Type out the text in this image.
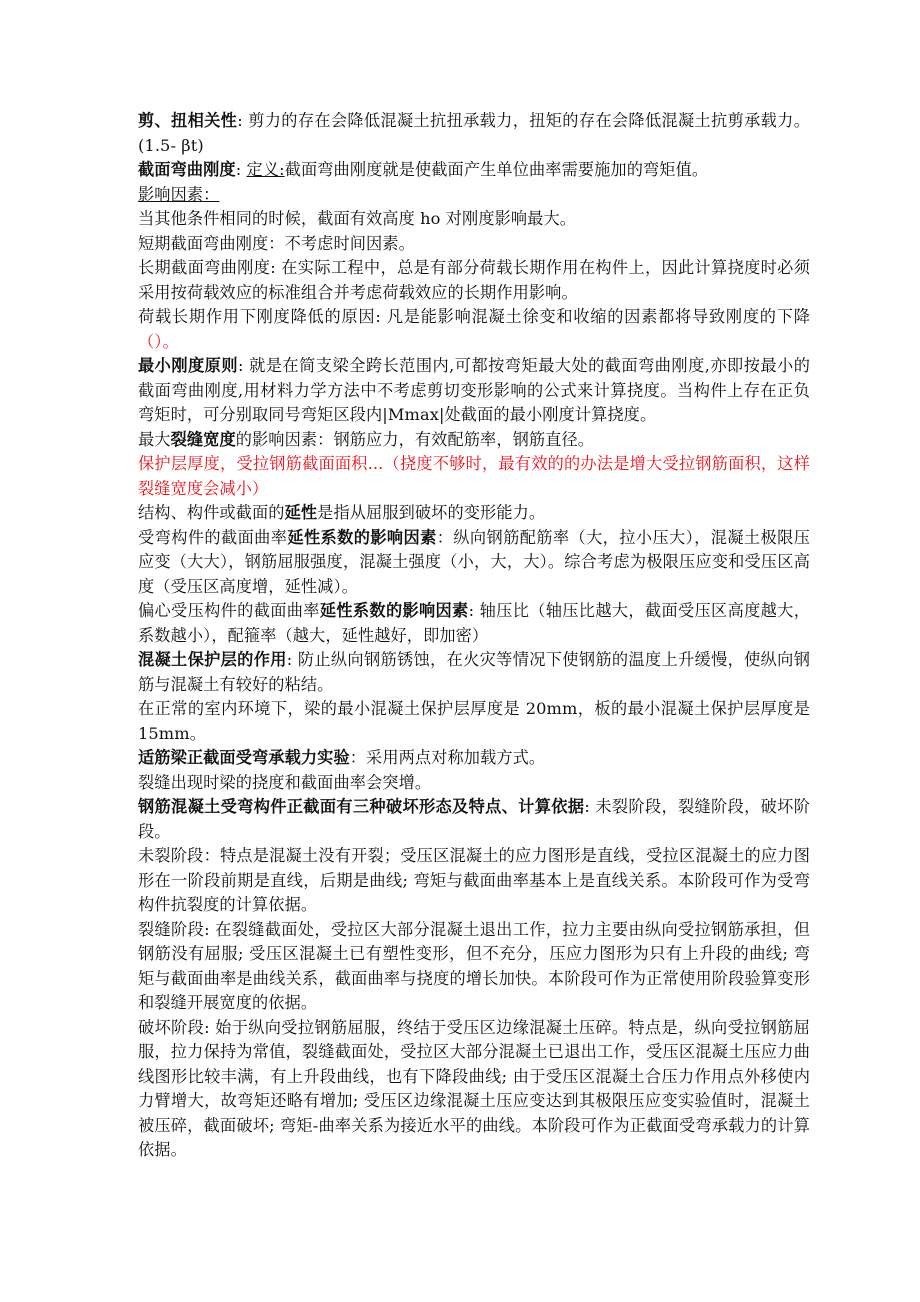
剪、扭相关性: 剪力的存在会降低混凝土抗扭承载力，扭矩的存在会降低混凝土抗剪承载力。(1.5- βt)

截面弯曲刚度: 定义:截面弯曲刚度就是使截面产生单位曲率需要施加的弯矩值。

影响因素：

当其他条件相同的时候，截面有效高度 ho 对刚度影响最大。

短期截面弯曲刚度：不考虑时间因素。

长期截面弯曲刚度: 在实际工程中，总是有部分荷载长期作用在构件上，因此计算挠度时必须采用按荷载效应的标准组合并考虑荷载效应的长期作用影响。

荷载长期作用下刚度降低的原因: 凡是能影响混凝土徐变和收缩的因素都将导致刚度的下降（）。

最小刚度原则: 就是在简支梁全跨长范围内,可都按弯矩最大处的截面弯曲刚度,亦即按最小的截面弯曲刚度,用材料力学方法中不考虑剪切变形影响的公式来计算挠度。当构件上存在正负弯矩时，可分别取同号弯矩区段内|Mmax|处截面的最小刚度计算挠度。

最大裂缝宽度的影响因素：钢筋应力，有效配筋率，钢筋直径。

保护层厚度，受拉钢筋截面面积...（挠度不够时，最有效的的办法是增大受拉钢筋面积，这样裂缝宽度会减小）

结构、构件或截面的延性是指从屈服到破坏的变形能力。

受弯构件的截面曲率延性系数的影响因素：纵向钢筋配筋率（大，拉小压大），混凝土极限压应变（大大），钢筋屈服强度，混凝土强度（小，大，大）。综合考虑为极限压应变和受压区高度（受压区高度增，延性减）。

偏心受压构件的截面曲率延性系数的影响因素: 轴压比（轴压比越大，截面受压区高度越大，系数越小），配箍率（越大，延性越好，即加密）

混凝土保护层的作用: 防止纵向钢筋锈蚀，在火灾等情况下使钢筋的温度上升缓慢，使纵向钢筋与混凝土有较好的粘结。

在正常的室内环境下，梁的最小混凝土保护层厚度是 20mm，板的最小混凝土保护层厚度是 15mm。

适筋梁正截面受弯承载力实验：采用两点对称加载方式。

裂缝出现时梁的挠度和截面曲率会突增。

钢筋混凝土受弯构件正截面有三种破坏形态及特点、计算依据: 未裂阶段，裂缝阶段，破坏阶段。

未裂阶段：特点是混凝土没有开裂；受压区混凝土的应力图形是直线，受拉区混凝土的应力图形在一阶段前期是直线，后期是曲线; 弯矩与截面曲率基本上是直线关系。本阶段可作为受弯构件抗裂度的计算依据。

裂缝阶段: 在裂缝截面处，受拉区大部分混凝土退出工作，拉力主要由纵向受拉钢筋承担，但钢筋没有屈服; 受压区混凝土已有塑性变形，但不充分，压应力图形为只有上升段的曲线; 弯矩与截面曲率是曲线关系，截面曲率与挠度的增长加快。本阶段可作为正常使用阶段验算变形和裂缝开展宽度的依据。

破坏阶段: 始于纵向受拉钢筋屈服，终结于受压区边缘混凝土压碎。特点是，纵向受拉钢筋屈服，拉力保持为常值，裂缝截面处，受拉区大部分混凝土已退出工作，受压区混凝土压应力曲线图形比较丰满，有上升段曲线，也有下降段曲线; 由于受压区混凝土合压力作用点外移使内力臂增大，故弯矩还略有增加; 受压区边缘混凝土压应变达到其极限压应变实验值时，混凝土被压碎，截面破坏; 弯矩-曲率关系为接近水平的曲线。本阶段可作为正截面受弯承载力的计算依据。
